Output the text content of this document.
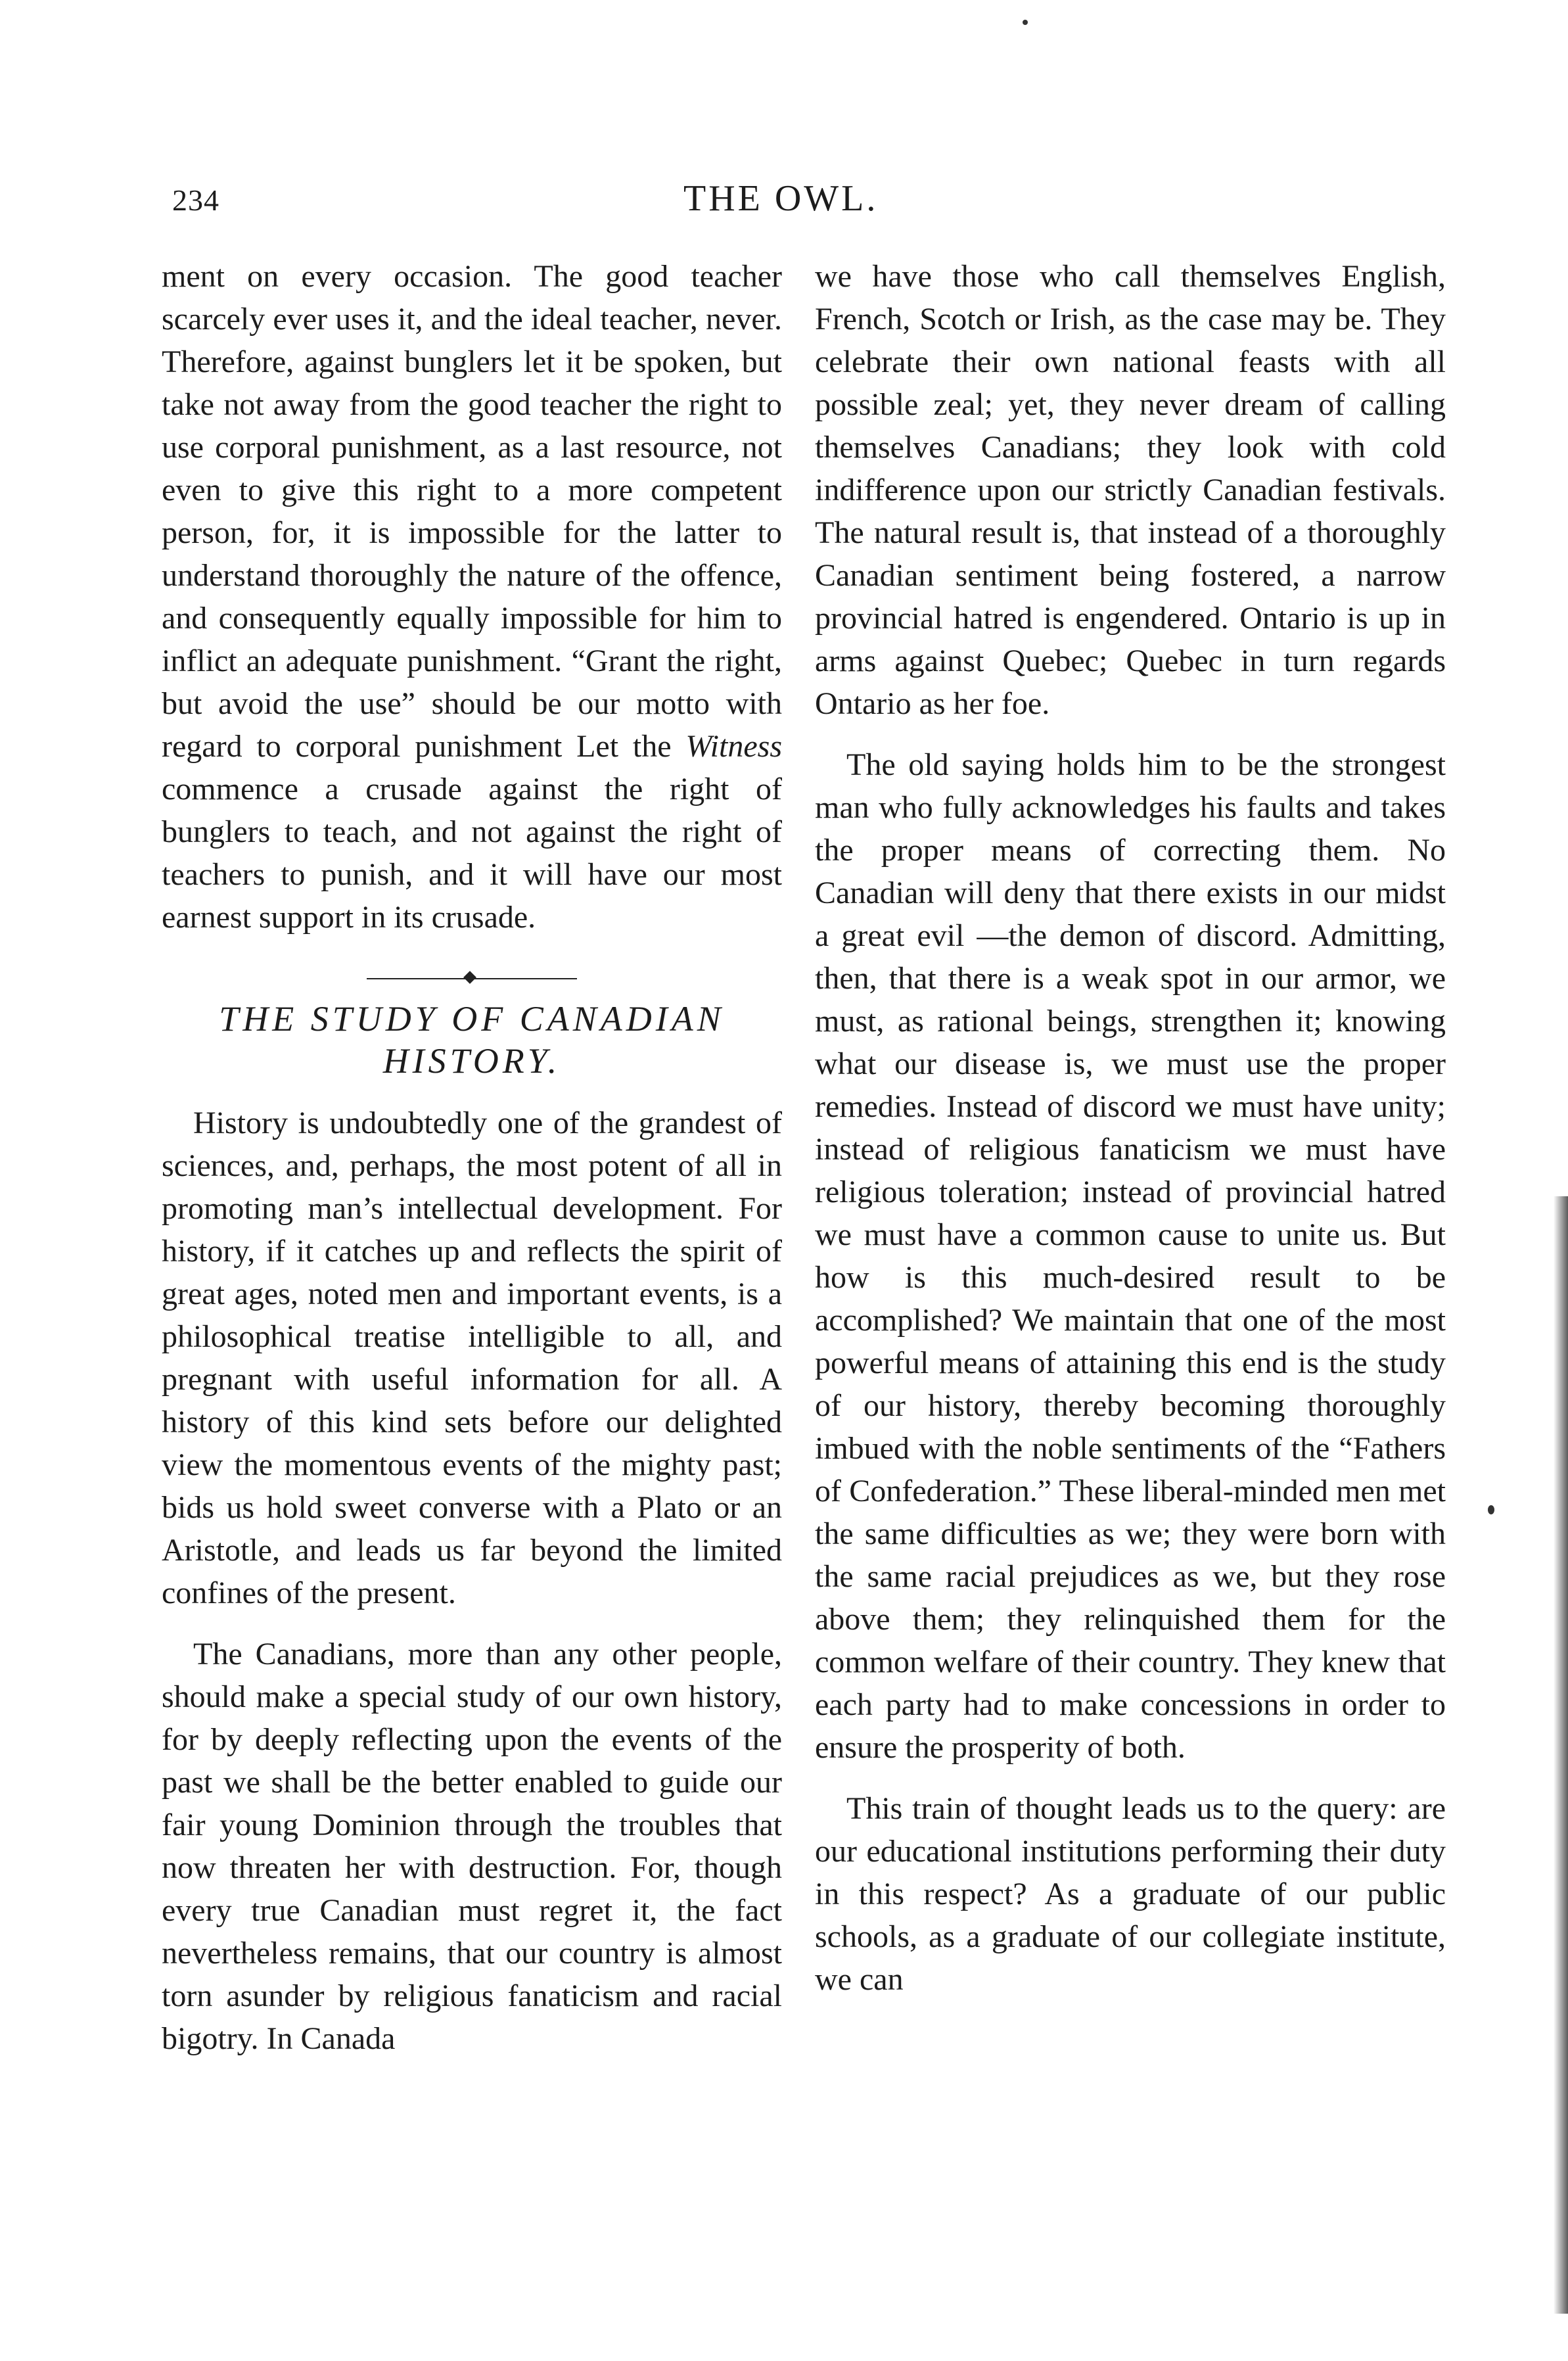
234	THE OWL.

ment on every occasion. The good teacher scarcely ever uses it, and the ideal teacher, never. Therefore, against bunglers let it be spoken, but take not away from the good teacher the right to use corporal punishment, as a last resource, not even to give this right to a more competent person, for, it is impossible for the latter to understand thoroughly the nature of the offence, and consequently equally impossible for him to inflict an adequate punishment. “Grant the right, but avoid the use” should be our motto with regard to corporal punishment Let the Witness commence a crusade against the right of bunglers to teach, and not against the right of teachers to punish, and it will have our most earnest support in its crusade.

THE STUDY OF CANADIAN
HISTORY.

History is undoubtedly one of the grandest of sciences, and, perhaps, the most potent of all in promoting man’s intellectual development. For history, if it catches up and reflects the spirit of great ages, noted men and important events, is a philosophical treatise intelligible to all, and pregnant with useful information for all. A history of this kind sets before our delighted view the momentous events of the mighty past; bids us hold sweet converse with a Plato or an Aristotle, and leads us far beyond the limited confines of the present.

The Canadians, more than any other people, should make a special study of our own history, for by deeply reflecting upon the events of the past we shall be the better enabled to guide our fair young Dominion through the troubles that now threaten her with destruction. For, though every true Canadian must regret it, the fact nevertheless remains, that our country is almost torn asunder by religious fanaticism and racial bigotry. In Canada

we have those who call themselves English, French, Scotch or Irish, as the case may be. They celebrate their own national feasts with all possible zeal; yet, they never dream of calling themselves Canadians; they look with cold indifference upon our strictly Canadian festivals. The natural result is, that instead of a thoroughly Canadian sentiment being fostered, a narrow provincial hatred is engendered. Ontario is up in arms against Quebec; Quebec in turn regards Ontario as her foe.

The old saying holds him to be the strongest man who fully acknowledges his faults and takes the proper means of correcting them. No Canadian will deny that there exists in our midst a great evil —the demon of discord. Admitting, then, that there is a weak spot in our armor, we must, as rational beings, strengthen it; knowing what our disease is, we must use the proper remedies. Instead of discord we must have unity; instead of religious fanaticism we must have religious toleration; instead of provincial hatred we must have a common cause to unite us. But how is this much-desired result to be accomplished? We maintain that one of the most powerful means of attaining this end is the study of our history, thereby becoming thoroughly imbued with the noble sentiments of the “Fathers of Confederation.” These liberal-minded men met the same difficulties as we; they were born with the same racial prejudices as we, but they rose above them; they relinquished them for the common welfare of their country. They knew that each party had to make concessions in order to ensure the prosperity of both.

This train of thought leads us to the query: are our educational institutions performing their duty in this respect? As a graduate of our public schools, as a graduate of our collegiate institute, we can
